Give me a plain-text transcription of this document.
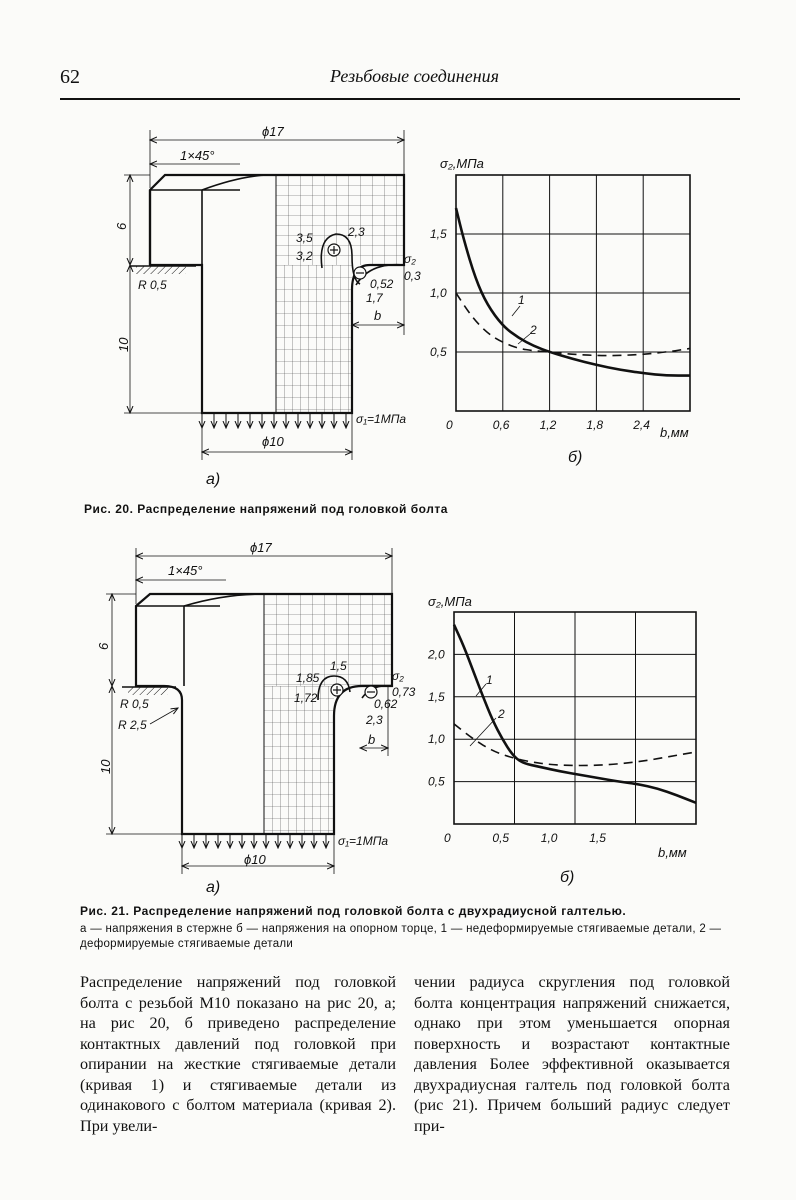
62	Резьбовые соединения
ϕ17
1×45°
6
10
R 0,5
ϕ10
σ₁=1МПа
3,5
3,2
2,3
σ₂
0,3
0,52
1,7
b
а)
σ₂,МПа
b,мм
б)
0	0,6	1,2	1,8	2,4
0,5
1,0
1,5
1
2
ϕ17
1×45°
6
10
R 0,5
R 2,5
ϕ10
σ₁=1МПа
1,85
1,72
1,5
σ₂
0,73
0,62
2,3
b
а)
σ₂,МПа
b,мм
б)
0	0,5	1,0	1,5
0,5
1,0
1,5
2,0
1
2
Рис. 20. Распределение напряжений под головкой болта
Рис. 21. Распределение напряжений под головкой болта с двухрадиусной галтелью.
а — напряжения в стержне б — напряжения на опорном торце, 1 — недеформируемые стягиваемые детали, 2 — деформируемые стягиваемые детали
Распределение напряжений под головкой болта с резьбой М10 показано на рис 20, а; на рис 20, б приведено распределение контактных давлений под головкой при опирании на жесткие стягиваемые детали (кривая 1) и стягиваемые детали из одинакового с болтом материала (кривая 2). При увели-
чении радиуса скругления под головкой болта концентрация напряжений снижается, однако при этом уменьшается опорная поверхность и возрастают контактные давления Более эффективной оказывается двухрадиусная галтель под головкой болта (рис 21). Причем больший радиус следует при-
